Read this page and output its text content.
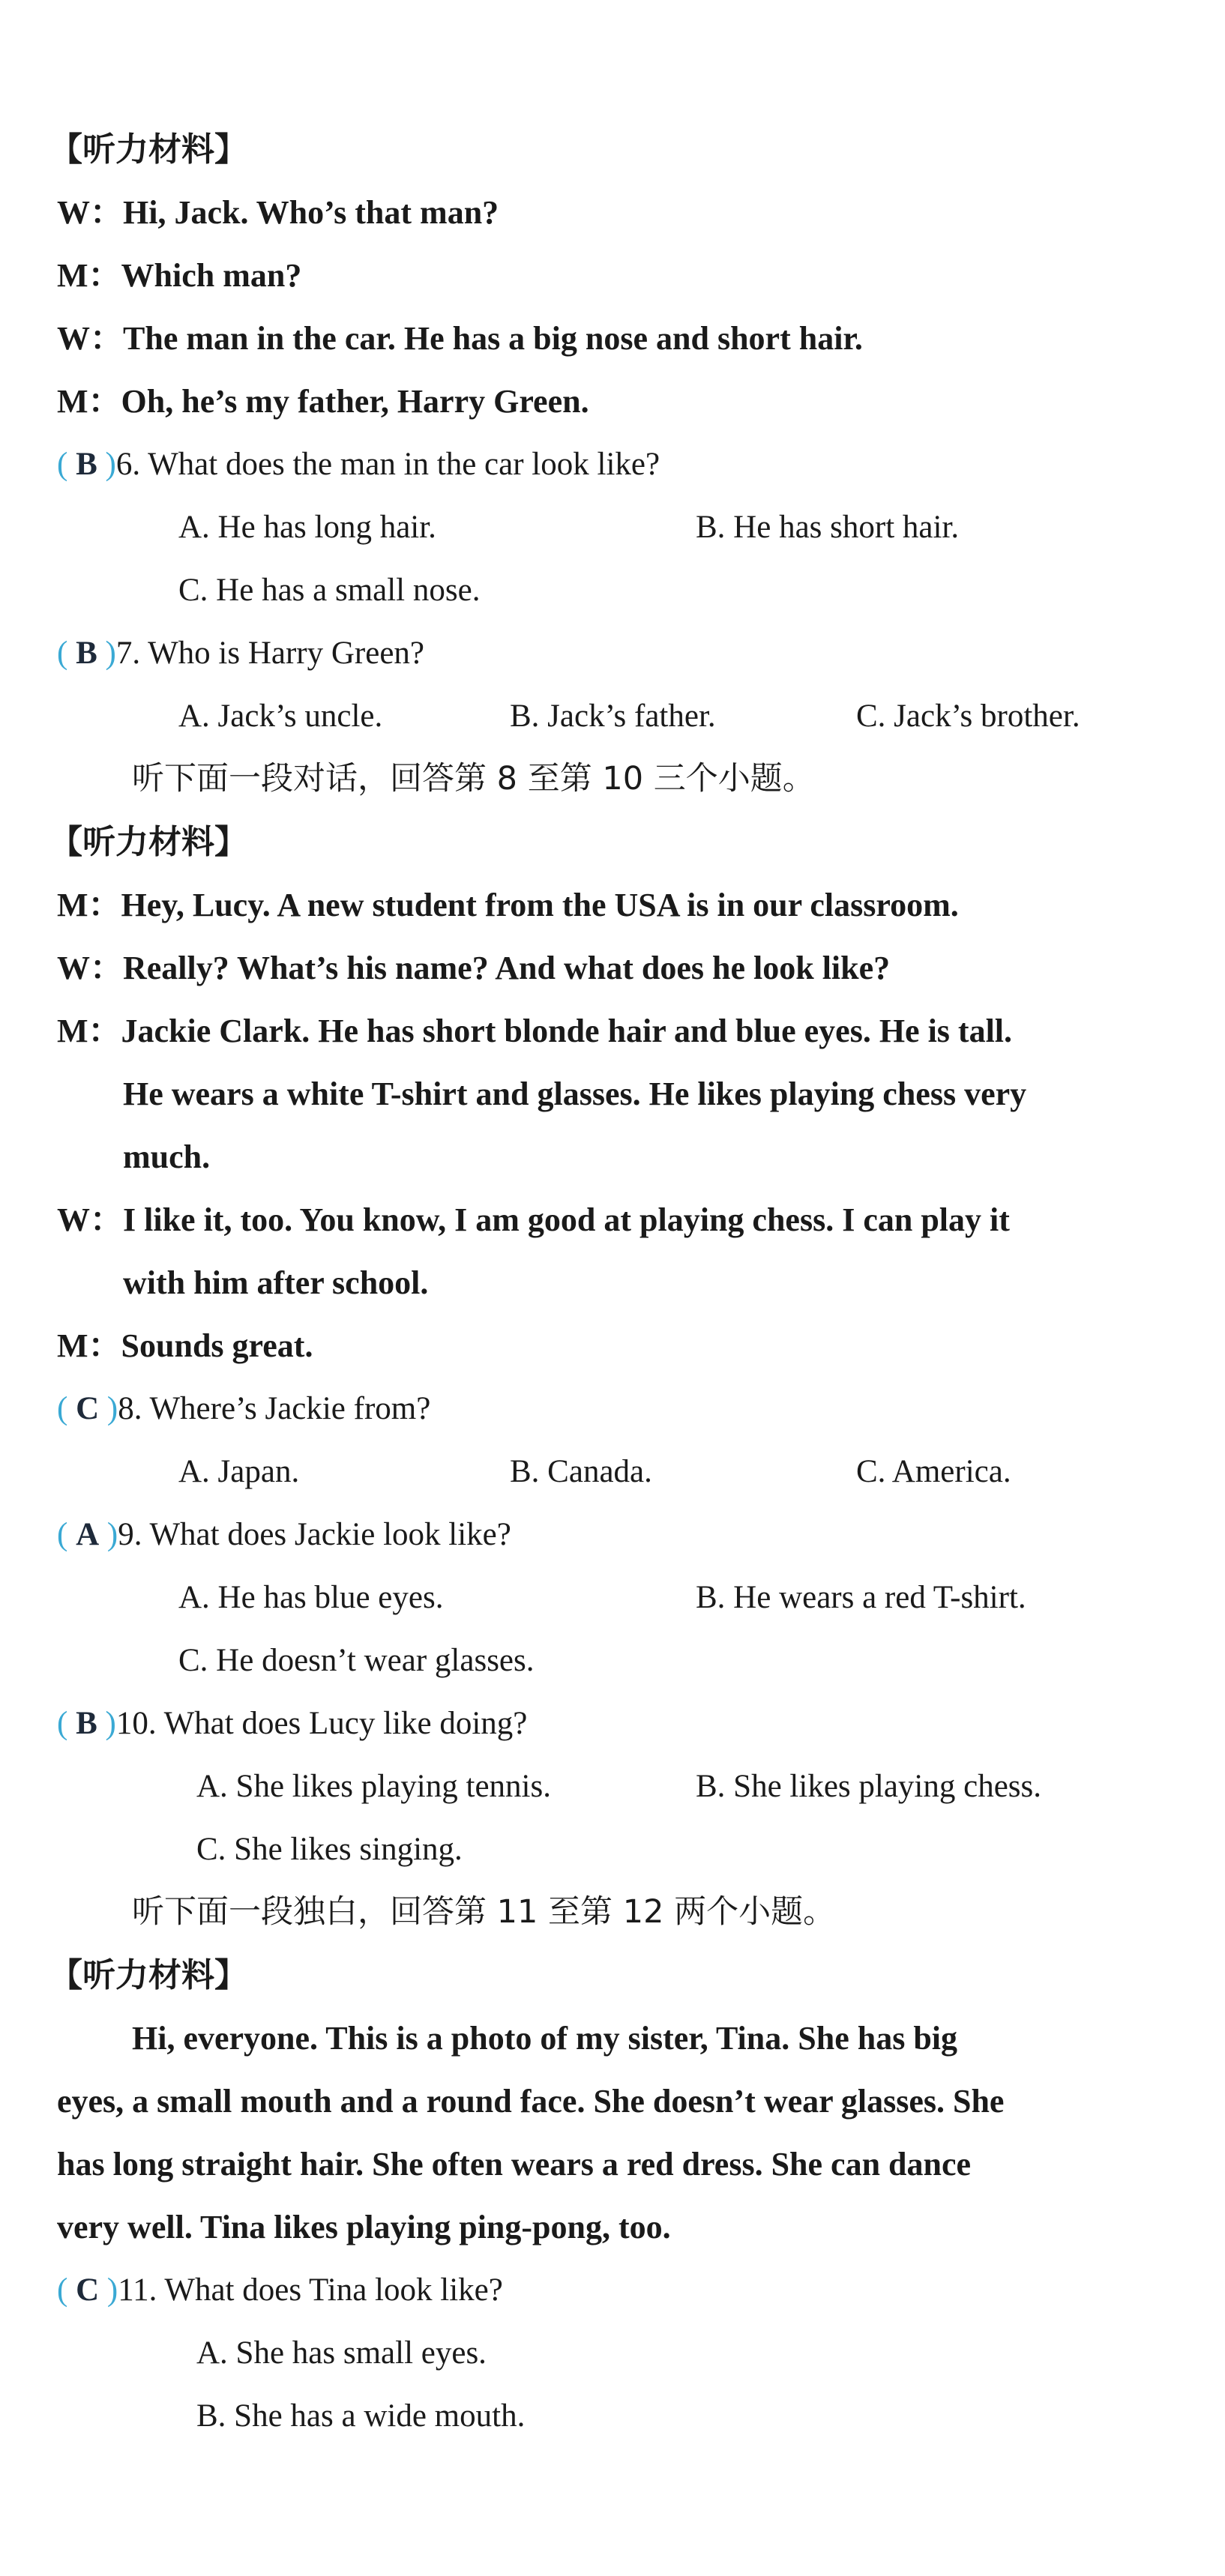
【听力材料】
W：Hi, Jack. Who’s that man?
M：Which man?
W：The man in the car. He has a big nose and short hair.
M：Oh, he’s my father, Harry Green.
( B )6. What does the man in the car look like?
A. He has long hair.	B. He has short hair.
C. He has a small nose.
( B )7. Who is Harry Green?
A. Jack’s uncle.	B. Jack’s father.	C. Jack’s brother.
听下面一段对话，回答第 8 至第 10 三个小题。
【听力材料】
M：Hey, Lucy. A new student from the USA is in our classroom.
W：Really? What’s his name? And what does he look like?
M：Jackie Clark. He has short blonde hair and blue eyes. He is tall.
He wears a white T-shirt and glasses. He likes playing chess very
much.
W：I like it, too. You know, I am good at playing chess. I can play it
with him after school.
M：Sounds great.
( C )8. Where’s Jackie from?
A. Japan.	B. Canada.	C. America.
( A )9. What does Jackie look like?
A. He has blue eyes.	B. He wears a red T-shirt.
C. He doesn’t wear glasses.
( B )10. What does Lucy like doing?
A. She likes playing tennis.	B. She likes playing chess.
C. She likes singing.
听下面一段独白，回答第 11 至第 12 两个小题。
【听力材料】
Hi, everyone. This is a photo of my sister, Tina. She has big
eyes, a small mouth and a round face. She doesn’t wear glasses. She
has long straight hair. She often wears a red dress. She can dance
very well. Tina likes playing ping-pong, too.
( C )11. What does Tina look like?
A. She has small eyes.
B. She has a wide mouth.
